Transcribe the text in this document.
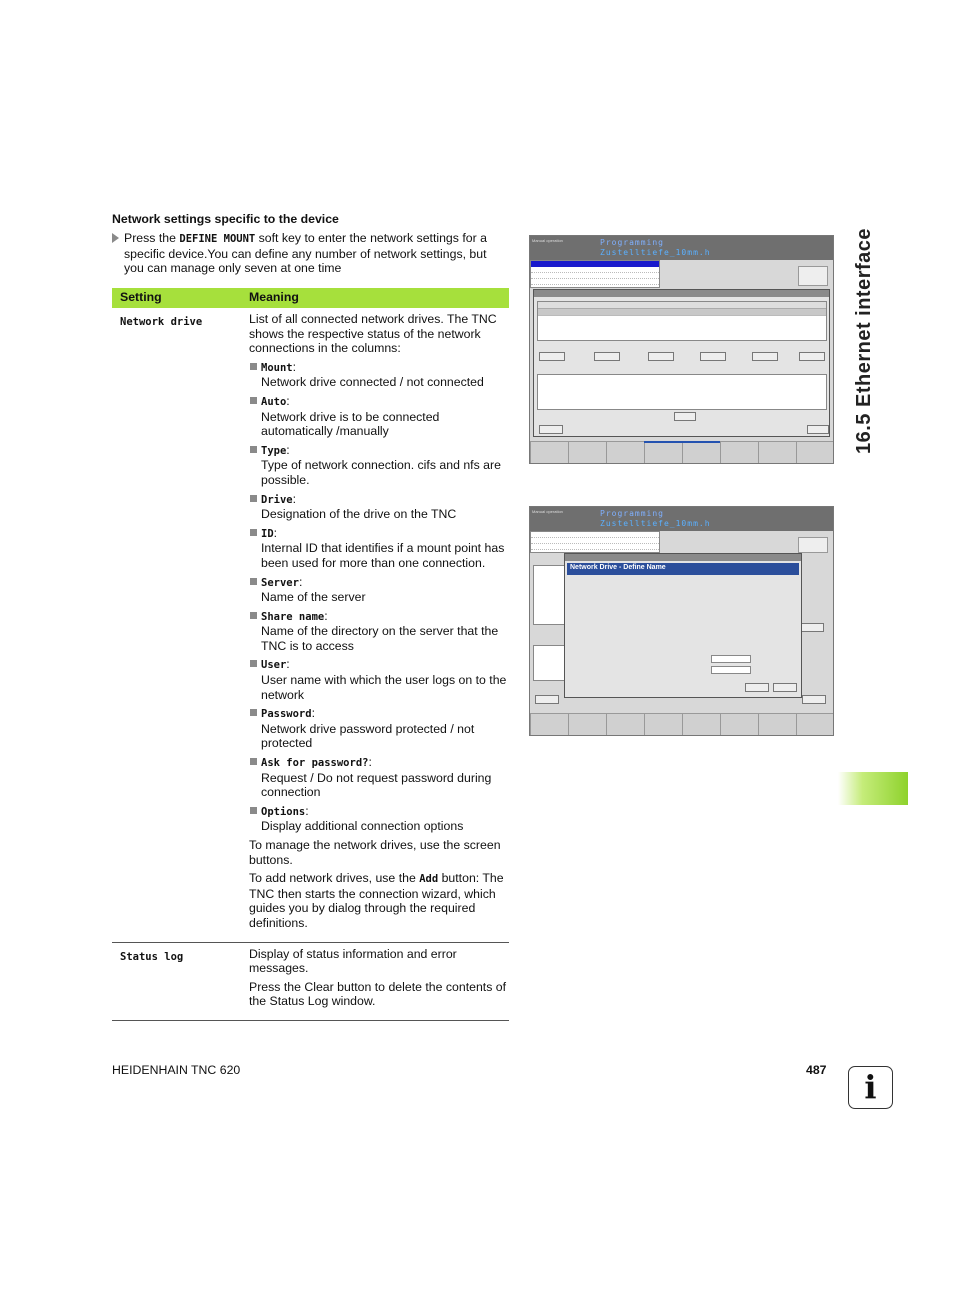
Network settings specific to the device
Press the DEFINE MOUNT soft key to enter the network settings for a specific device.You can define any number of network settings, but you can manage only seven at one time
Setting	Meaning
Network drive	List of all connected network drives. The TNC shows the respective status of the network connections in the columns:

Mount:
Network drive connected / not connected
Auto:
Network drive is to be connected automatically /manually
Type:
Type of network connection. cifs and nfs are possible.
Drive:
Designation of the drive on the TNC
ID:
Internal ID that identifies if a mount point has been used for more than one connection.
Server:
Name of the server
Share name:
Name of the directory on the server that the TNC is to access
User:
User name with which the user logs on to the network
Password:
Network drive password protected / not protected
Ask for password?:
Request / Do not request password during connection
Options:
Display additional connection options

To manage the network drives, use the screen buttons.

To add network drives, use the Add button: The TNC then starts the connection wizard, which guides you by dialog through the required definitions.

Status log	Display of status information and error messages.

Press the Clear button to delete the contents of the Status Log window.

Manual operation	Programming
Zustelltiefe_10mm.h
Manual operation	Programming
Zustelltiefe_10mm.h
Network Drive - Define Name
16.5 Ethernet interface
HEIDENHAIN TNC 620	487	i
